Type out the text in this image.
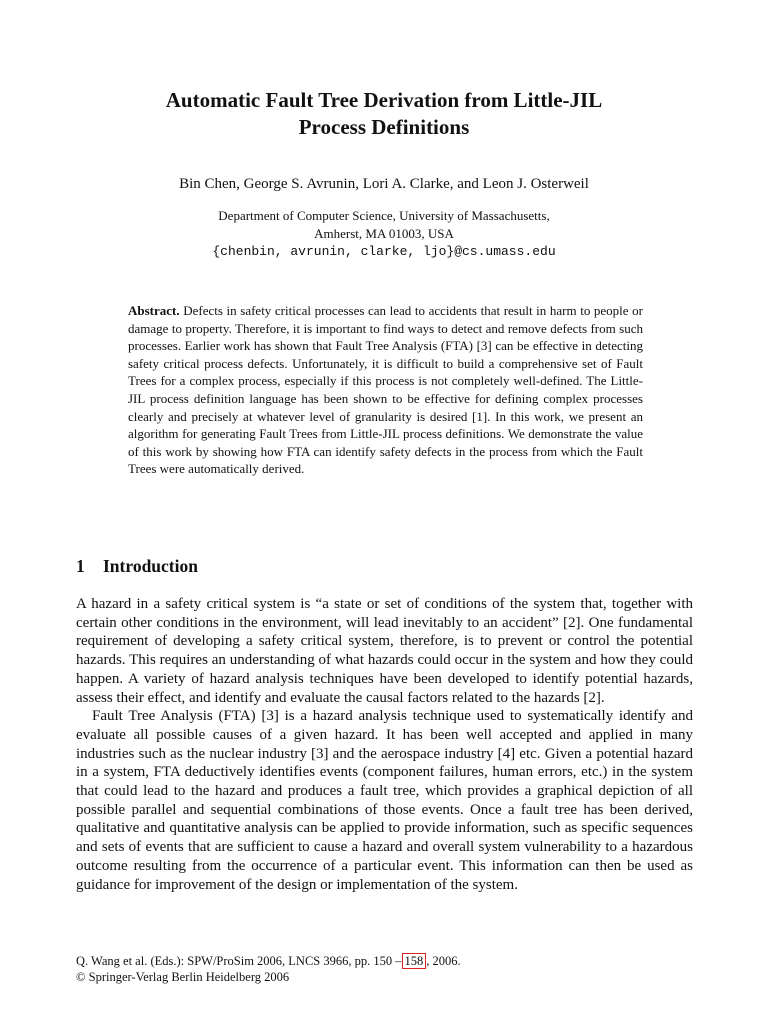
Automatic Fault Tree Derivation from Little-JIL
Process Definitions
Bin Chen, George S. Avrunin, Lori A. Clarke, and Leon J. Osterweil
Department of Computer Science, University of Massachusetts,
Amherst, MA 01003, USA
{chenbin, avrunin, clarke, ljo}@cs.umass.edu
Abstract. Defects in safety critical processes can lead to accidents that result in harm to people or damage to property. Therefore, it is important to find ways to detect and remove defects from such processes. Earlier work has shown that Fault Tree Analysis (FTA) [3] can be effective in detecting safety critical process defects. Unfortunately, it is difficult to build a comprehensive set of Fault Trees for a complex process, especially if this process is not completely well-defined. The Little-JIL process definition language has been shown to be effective for defining complex processes clearly and precisely at whatever level of granularity is desired [1]. In this work, we present an algorithm for generating Fault Trees from Little-JIL process definitions. We demonstrate the value of this work by showing how FTA can identify safety defects in the process from which the Fault Trees were automatically derived.
1 Introduction

A hazard in a safety critical system is “a state or set of conditions of the system that, together with certain other conditions in the environment, will lead inevitably to an accident” [2]. One fundamental requirement of developing a safety critical system, therefore, is to prevent or control the potential hazards. This requires an understanding of what hazards could occur in the system and how they could happen. A variety of hazard analysis techniques have been developed to identify potential hazards, assess their effect, and identify and evaluate the causal factors related to the hazards [2].

Fault Tree Analysis (FTA) [3] is a hazard analysis technique used to systematically identify and evaluate all possible causes of a given hazard. It has been well accepted and applied in many industries such as the nuclear industry [3] and the aerospace industry [4] etc. Given a potential hazard in a system, FTA deductively identifies events (component failures, human errors, etc.) in the system that could lead to the hazard and produces a fault tree, which provides a graphical depiction of all possible parallel and sequential combinations of those events. Once a fault tree has been derived, qualitative and quantitative analysis can be applied to provide information, such as specific sequences and sets of events that are sufficient to cause a hazard and overall system vulnerability to a hazardous outcome resulting from the occurrence of a particular event. This information can then be used as guidance for improvement of the design or implementation of the system.

Q. Wang et al. (Eds.): SPW/ProSim 2006, LNCS 3966, pp. 150 – 158 , 2006.
© Springer-Verlag Berlin Heidelberg 2006
